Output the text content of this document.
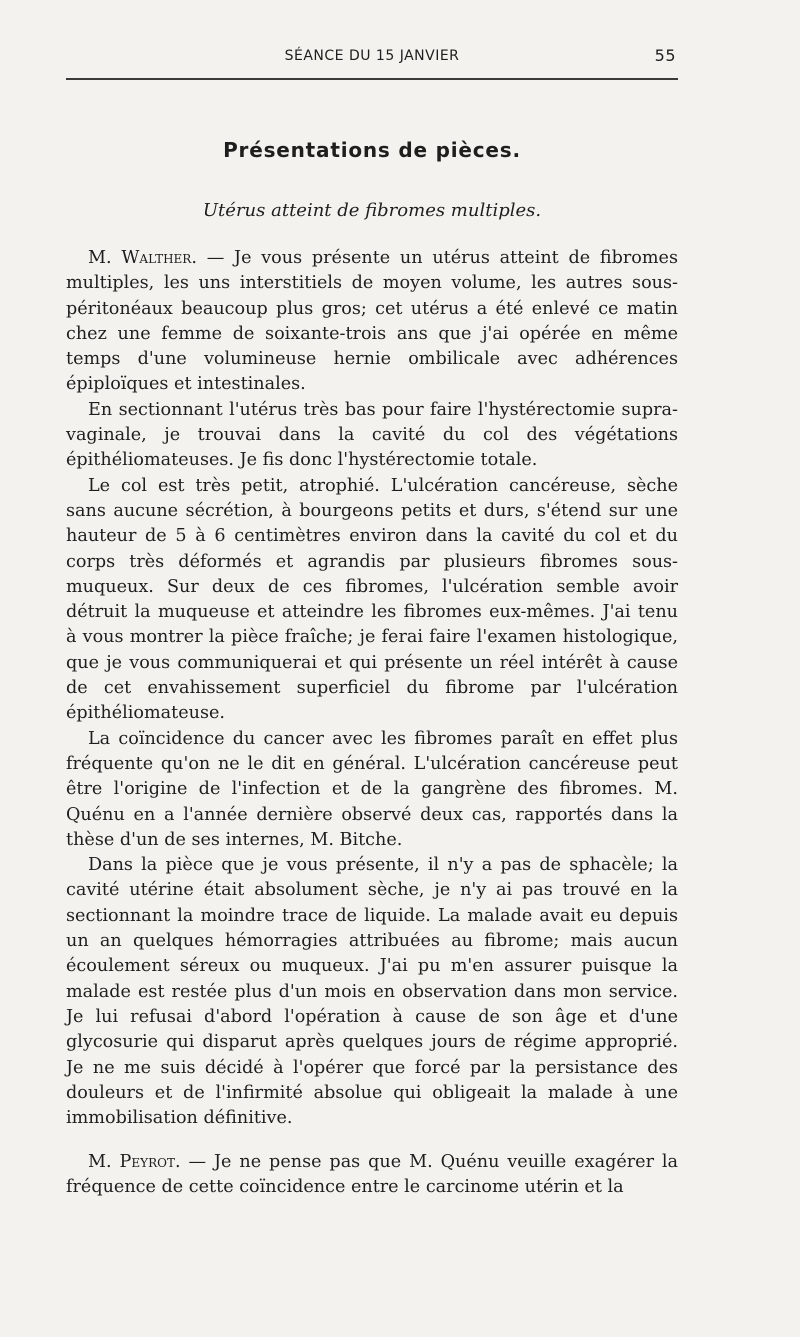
SÉANCE DU 15 JANVIER	55
Présentations de pièces.
Utérus atteint de fibromes multiples.

M. Walther. — Je vous présente un utérus atteint de fibromes multiples, les uns interstitiels de moyen volume, les autres sous-péritonéaux beaucoup plus gros; cet utérus a été enlevé ce matin chez une femme de soixante-trois ans que j'ai opérée en même temps d'une volumineuse hernie ombilicale avec adhérences épiploïques et intestinales.

En sectionnant l'utérus très bas pour faire l'hystérectomie supra-vaginale, je trouvai dans la cavité du col des végétations épithéliomateuses. Je fis donc l'hystérectomie totale.

Le col est très petit, atrophié. L'ulcération cancéreuse, sèche sans aucune sécrétion, à bourgeons petits et durs, s'étend sur une hauteur de 5 à 6 centimètres environ dans la cavité du col et du corps très déformés et agrandis par plusieurs fibromes sous-muqueux. Sur deux de ces fibromes, l'ulcération semble avoir détruit la muqueuse et atteindre les fibromes eux-mêmes. J'ai tenu à vous montrer la pièce fraîche; je ferai faire l'examen histologique, que je vous communiquerai et qui présente un réel intérêt à cause de cet envahissement superficiel du fibrome par l'ulcération épithéliomateuse.

La coïncidence du cancer avec les fibromes paraît en effet plus fréquente qu'on ne le dit en général. L'ulcération cancéreuse peut être l'origine de l'infection et de la gangrène des fibromes. M. Quénu en a l'année dernière observé deux cas, rapportés dans la thèse d'un de ses internes, M. Bitche.

Dans la pièce que je vous présente, il n'y a pas de sphacèle; la cavité utérine était absolument sèche, je n'y ai pas trouvé en la sectionnant la moindre trace de liquide. La malade avait eu depuis un an quelques hémorragies attribuées au fibrome; mais aucun écoulement séreux ou muqueux. J'ai pu m'en assurer puisque la malade est restée plus d'un mois en observation dans mon service. Je lui refusai d'abord l'opération à cause de son âge et d'une glycosurie qui disparut après quelques jours de régime approprié. Je ne me suis décidé à l'opérer que forcé par la persistance des douleurs et de l'infirmité absolue qui obligeait la malade à une immobilisation définitive.

M. Peyrot. — Je ne pense pas que M. Quénu veuille exagérer la fréquence de cette coïncidence entre le carcinome utérin et la
